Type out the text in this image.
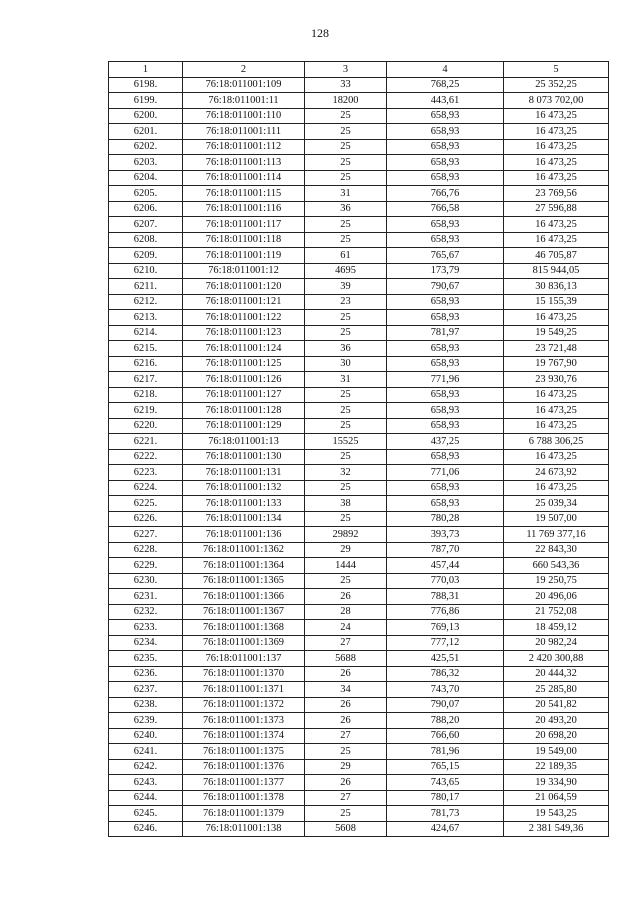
128
1	2	3	4	5
6198.	76:18:011001:109	33	768,25	25 352,25
6199.	76:18:011001:11	18200	443,61	8 073 702,00
6200.	76:18:011001:110	25	658,93	16 473,25
6201.	76:18:011001:111	25	658,93	16 473,25
6202.	76:18:011001:112	25	658,93	16 473,25
6203.	76:18:011001:113	25	658,93	16 473,25
6204.	76:18:011001:114	25	658,93	16 473,25
6205.	76:18:011001:115	31	766,76	23 769,56
6206.	76:18:011001:116	36	766,58	27 596,88
6207.	76:18:011001:117	25	658,93	16 473,25
6208.	76:18:011001:118	25	658,93	16 473,25
6209.	76:18:011001:119	61	765,67	46 705,87
6210.	76:18:011001:12	4695	173,79	815 944,05
6211.	76:18:011001:120	39	790,67	30 836,13
6212.	76:18:011001:121	23	658,93	15 155,39
6213.	76:18:011001:122	25	658,93	16 473,25
6214.	76:18:011001:123	25	781,97	19 549,25
6215.	76:18:011001:124	36	658,93	23 721,48
6216.	76:18:011001:125	30	658,93	19 767,90
6217.	76:18:011001:126	31	771,96	23 930,76
6218.	76:18:011001:127	25	658,93	16 473,25
6219.	76:18:011001:128	25	658,93	16 473,25
6220.	76:18:011001:129	25	658,93	16 473,25
6221.	76:18:011001:13	15525	437,25	6 788 306,25
6222.	76:18:011001:130	25	658,93	16 473,25
6223.	76:18:011001:131	32	771,06	24 673,92
6224.	76:18:011001:132	25	658,93	16 473,25
6225.	76:18:011001:133	38	658,93	25 039,34
6226.	76:18:011001:134	25	780,28	19 507,00
6227.	76:18:011001:136	29892	393,73	11 769 377,16
6228.	76:18:011001:1362	29	787,70	22 843,30
6229.	76:18:011001:1364	1444	457,44	660 543,36
6230.	76:18:011001:1365	25	770,03	19 250,75
6231.	76:18:011001:1366	26	788,31	20 496,06
6232.	76:18:011001:1367	28	776,86	21 752,08
6233.	76:18:011001:1368	24	769,13	18 459,12
6234.	76:18:011001:1369	27	777,12	20 982,24
6235.	76:18:011001:137	5688	425,51	2 420 300,88
6236.	76:18:011001:1370	26	786,32	20 444,32
6237.	76:18:011001:1371	34	743,70	25 285,80
6238.	76:18:011001:1372	26	790,07	20 541,82
6239.	76:18:011001:1373	26	788,20	20 493,20
6240.	76:18:011001:1374	27	766,60	20 698,20
6241.	76:18:011001:1375	25	781,96	19 549,00
6242.	76:18:011001:1376	29	765,15	22 189,35
6243.	76:18:011001:1377	26	743,65	19 334,90
6244.	76:18:011001:1378	27	780,17	21 064,59
6245.	76:18:011001:1379	25	781,73	19 543,25
6246.	76:18:011001:138	5608	424,67	2 381 549,36
